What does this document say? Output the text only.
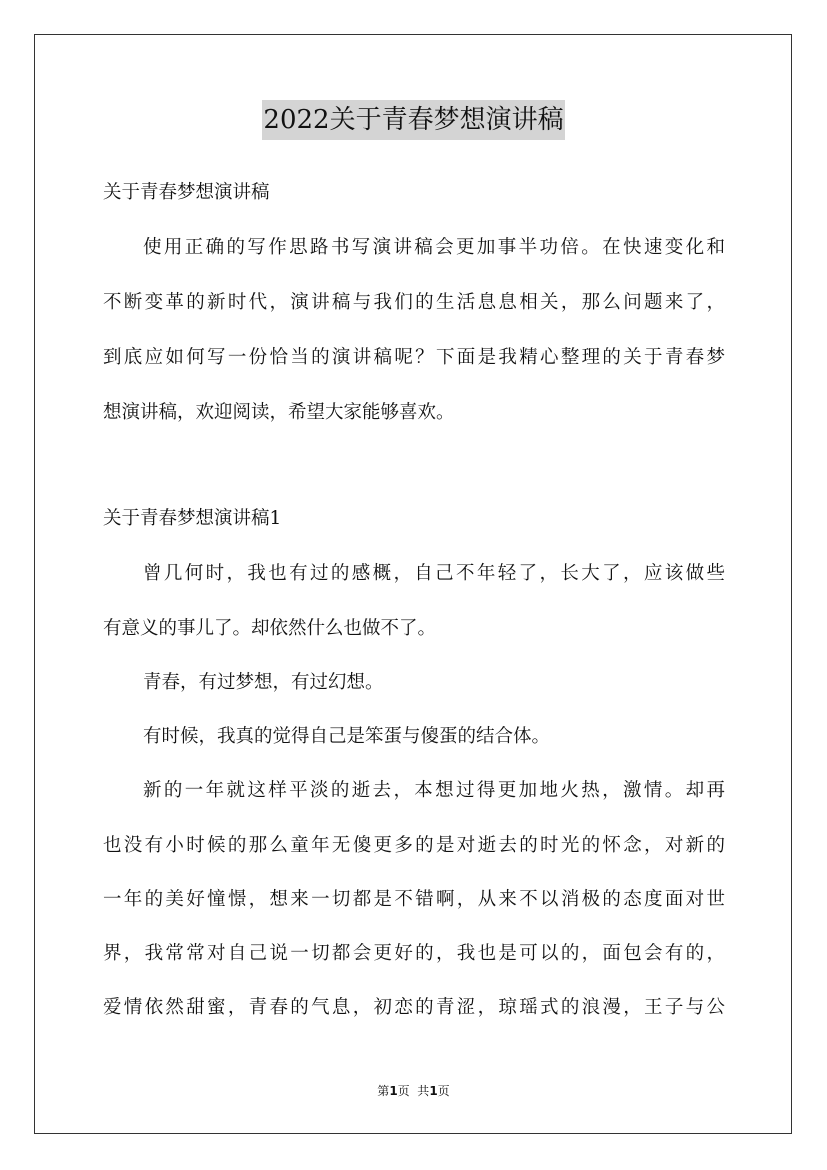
2022关于青春梦想演讲稿
关于青春梦想演讲稿
使用正确的写作思路书写演讲稿会更加事半功倍。在快速变化和
不断变革的新时代，演讲稿与我们的生活息息相关，那么问题来了，
到底应如何写一份恰当的演讲稿呢？下面是我精心整理的关于青春梦
想演讲稿，欢迎阅读，希望大家能够喜欢。
关于青春梦想演讲稿1
曾几何时，我也有过的感概，自己不年轻了，长大了，应该做些
有意义的事儿了。却依然什么也做不了。
青春，有过梦想，有过幻想。
有时候，我真的觉得自己是笨蛋与傻蛋的结合体。
新的一年就这样平淡的逝去，本想过得更加地火热，激情。却再
也没有小时候的那么童年无傻更多的是对逝去的时光的怀念，对新的
一年的美好憧憬，想来一切都是不错啊，从来不以消极的态度面对世
界，我常常对自己说一切都会更好的，我也是可以的，面包会有的，
爱情依然甜蜜，青春的气息，初恋的青涩，琼瑶式的浪漫，王子与公
第1页  共1页
